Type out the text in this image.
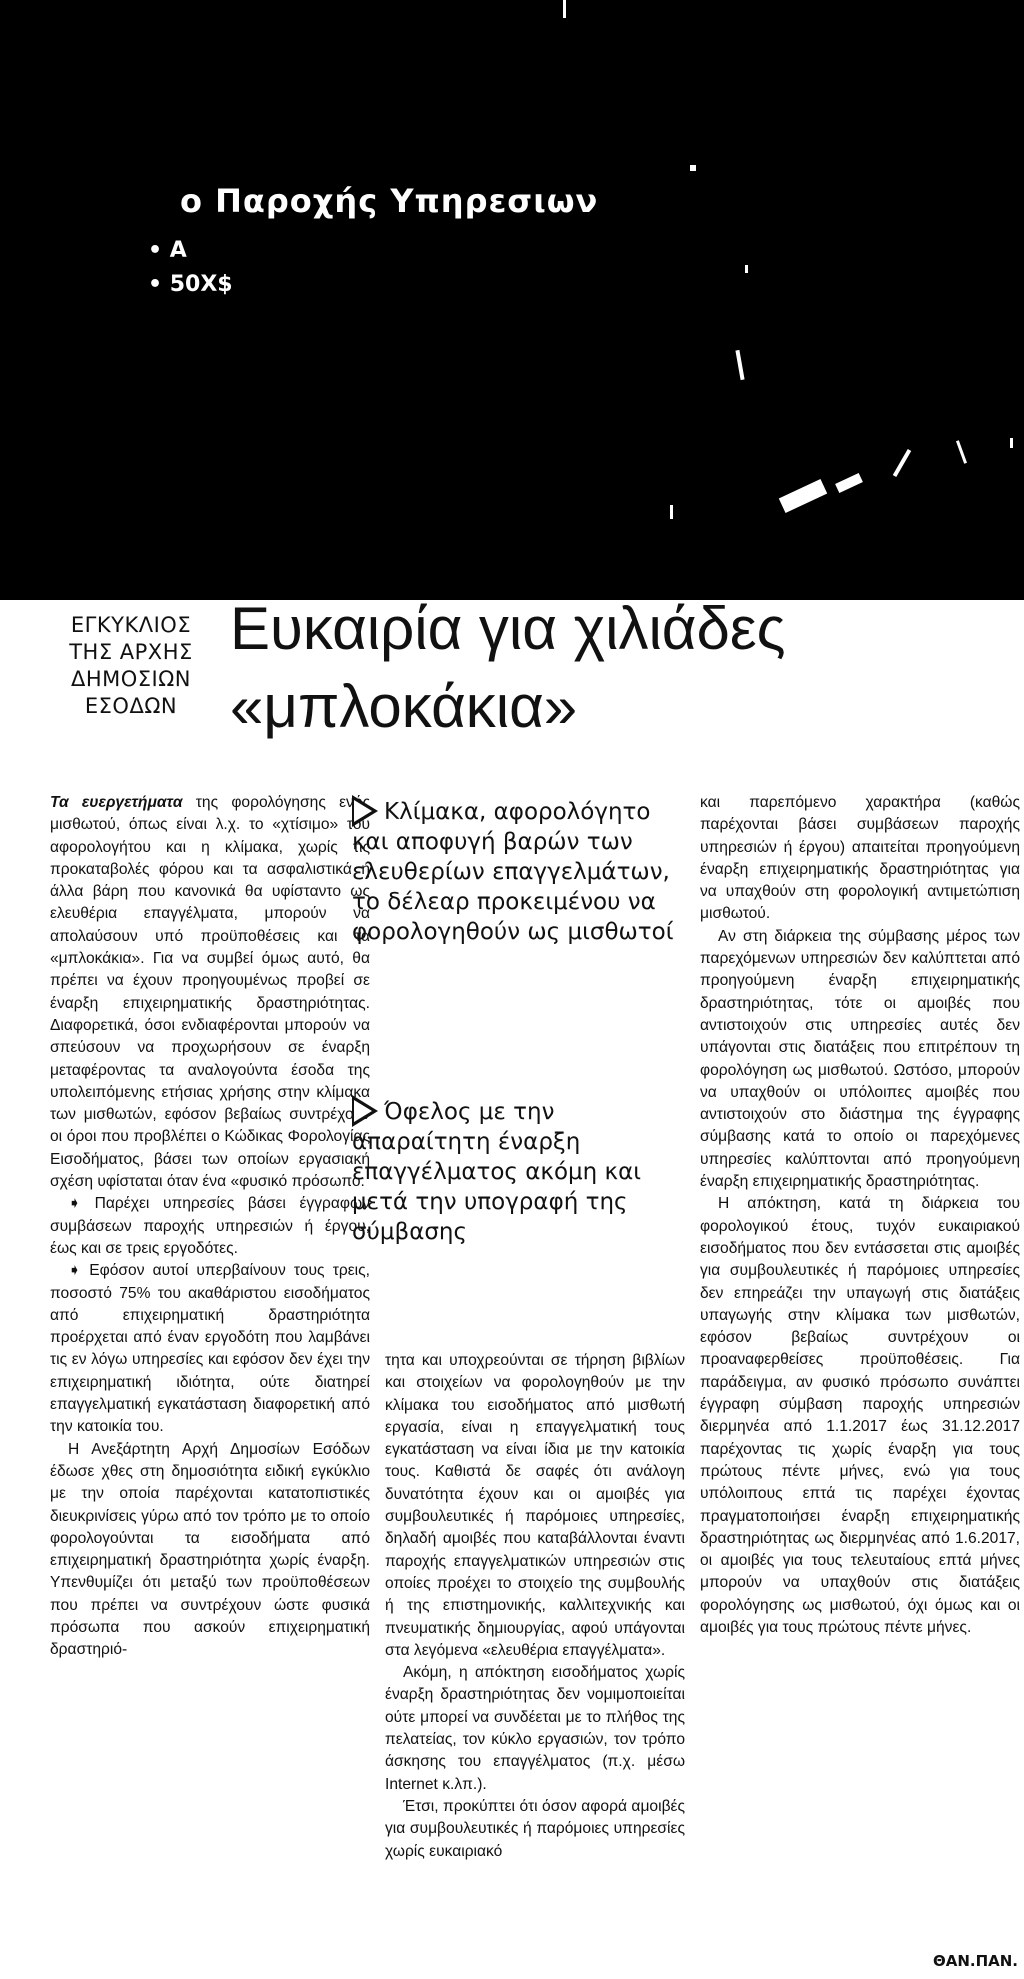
ο Παροχής Υπηρεσιων
• Α
• 50Χ$
ΕΓΚΥΚΛΙΟΣ
ΤΗΣ ΑΡΧΗΣ
ΔΗΜΟΣΙΩΝ
ΕΣΟΔΩΝ
Ευκαιρία για χιλιάδες
«μπλοκάκια»

Τα ευεργετήματα της φορολόγησης ενός μισθωτού, όπως είναι λ.χ. το «χτίσιμο» του αφορολογήτου και η κλίμακα, χωρίς τις προκαταβολές φόρου και τα ασφαλιστικά ή άλλα βάρη που κανονικά θα υφίσταντο ως ελευθέρια επαγγέλματα, μπορούν να απολαύσουν υπό προϋποθέσεις και τα «μπλοκάκια». Για να συμβεί όμως αυτό, θα πρέπει να έχουν προηγουμένως προβεί σε έναρξη επιχειρηματικής δραστηριότητας. Διαφορετικά, όσοι ενδιαφέρονται μπορούν να σπεύσουν να προχωρήσουν σε έναρξη μεταφέροντας τα αναλογούντα έσοδα της υπολειπόμενης ετήσιας χρήσης στην κλίμακα των μισθωτών, εφόσον βεβαίως συντρέχουν οι όροι που προβλέπει ο Κώδικας Φορολογίας Εισοδήματος, βάσει των οποίων εργασιακή σχέση υφίσταται όταν ένα «φυσικό πρόσωπο:

➧ Παρέχει υπηρεσίες βάσει έγγραφων συμβάσεων παροχής υπηρεσιών ή έργου, έως και σε τρεις εργοδότες.

➧ Εφόσον αυτοί υπερβαίνουν τους τρεις, ποσοστό 75% του ακαθάριστου εισοδήματος από επιχειρηματική δραστηριότητα προέρχεται από έναν εργοδότη που λαμβάνει τις εν λόγω υπηρεσίες και εφόσον δεν έχει την επιχειρηματική ιδιότητα, ούτε διατηρεί επαγγελματική εγκατάσταση διαφορετική από την κατοικία του.

Η Ανεξάρτητη Αρχή Δημοσίων Εσόδων έδωσε χθες στη δημοσιότητα ειδική εγκύκλιο με την οποία παρέχονται κατατοπιστικές διευκρινίσεις γύρω από τον τρόπο με το οποίο φορολογούνται τα εισοδήματα από επιχειρηματική δραστηριότητα χωρίς έναρξη. Υπενθυμίζει ότι μεταξύ των προϋποθέσεων που πρέπει να συντρέχουν ώστε φυσικά πρόσωπα που ασκούν επιχειρηματική δραστηριό-

Κλίμακα, αφορολόγητο και αποφυγή βαρών των ελευθερίων επαγγελμάτων, το δέλεαρ προκειμένου να φορολογηθούν ως μισθωτοί
Όφελος με την απαραίτητη έναρξη επαγγέλματος ακόμη και μετά την υπογραφή της σύμβασης

τητα και υποχρεούνται σε τήρηση βιβλίων και στοιχείων να φορολογηθούν με την κλίμακα του εισοδήματος από μισθωτή εργασία, είναι η επαγγελματική τους εγκατάσταση να είναι ίδια με την κατοικία τους. Καθιστά δε σαφές ότι ανάλογη δυνατότητα έχουν και οι αμοιβές για συμβουλευτικές ή παρόμοιες υπηρεσίες, δηλαδή αμοιβές που καταβάλλονται έναντι παροχής επαγγελματικών υπηρεσιών στις οποίες προέχει το στοιχείο της συμβουλής ή της επιστημονικής, καλλιτεχνικής και πνευματικής δημιουργίας, αφού υπάγονται στα λεγόμενα «ελευθέρια επαγγέλματα».

Ακόμη, η απόκτηση εισοδήματος χωρίς έναρξη δραστηριότητας δεν νομιμοποιείται ούτε μπορεί να συνδέεται με το πλήθος της πελατείας, τον κύκλο εργασιών, τον τρόπο άσκησης του επαγγέλματος (π.χ. μέσω Internet κ.λπ.).

Έτσι, προκύπτει ότι όσον αφορά αμοιβές για συμβουλευτικές ή παρόμοιες υπηρεσίες χωρίς ευκαιριακό

και παρεπόμενο χαρακτήρα (καθώς παρέχονται βάσει συμβάσεων παροχής υπηρεσιών ή έργου) απαιτείται προηγούμενη έναρξη επιχειρηματικής δραστηριότητας για να υπαχθούν στη φορολογική αντιμετώπιση μισθωτού.

Αν στη διάρκεια της σύμβασης μέρος των παρεχόμενων υπηρεσιών δεν καλύπτεται από προηγούμενη έναρξη επιχειρηματικής δραστηριότητας, τότε οι αμοιβές που αντιστοιχούν στις υπηρεσίες αυτές δεν υπάγονται στις διατάξεις που επιτρέπουν τη φορολόγηση ως μισθωτού. Ωστόσο, μπορούν να υπαχθούν οι υπόλοιπες αμοιβές που αντιστοιχούν στο διάστημα της έγγραφης σύμβασης κατά το οποίο οι παρεχόμενες υπηρεσίες καλύπτονται από προηγούμενη έναρξη επιχειρηματικής δραστηριότητας.

Η απόκτηση, κατά τη διάρκεια του φορολογικού έτους, τυχόν ευκαιριακού εισοδήματος που δεν εντάσσεται στις αμοιβές για συμβουλευτικές ή παρόμοιες υπηρεσίες δεν επηρεάζει την υπαγωγή στις διατάξεις υπαγωγής στην κλίμακα των μισθωτών, εφόσον βεβαίως συντρέχουν οι προαναφερθείσες προϋποθέσεις. Για παράδειγμα, αν φυσικό πρόσωπο συνάπτει έγγραφη σύμβαση παροχής υπηρεσιών διερμηνέα από 1.1.2017 έως 31.12.2017 παρέχοντας τις χωρίς έναρξη για τους πρώτους πέντε μήνες, ενώ για τους υπόλοιπους επτά τις παρέχει έχοντας πραγματοποιήσει έναρξη επιχειρηματικής δραστηριότητας ως διερμηνέας από 1.6.2017, οι αμοιβές για τους τελευταίους επτά μήνες μπορούν να υπαχθούν στις διατάξεις φορολόγησης ως μισθωτού, όχι όμως και οι αμοιβές για τους πρώτους πέντε μήνες.

ΘΑΝ.ΠΑΝ.
